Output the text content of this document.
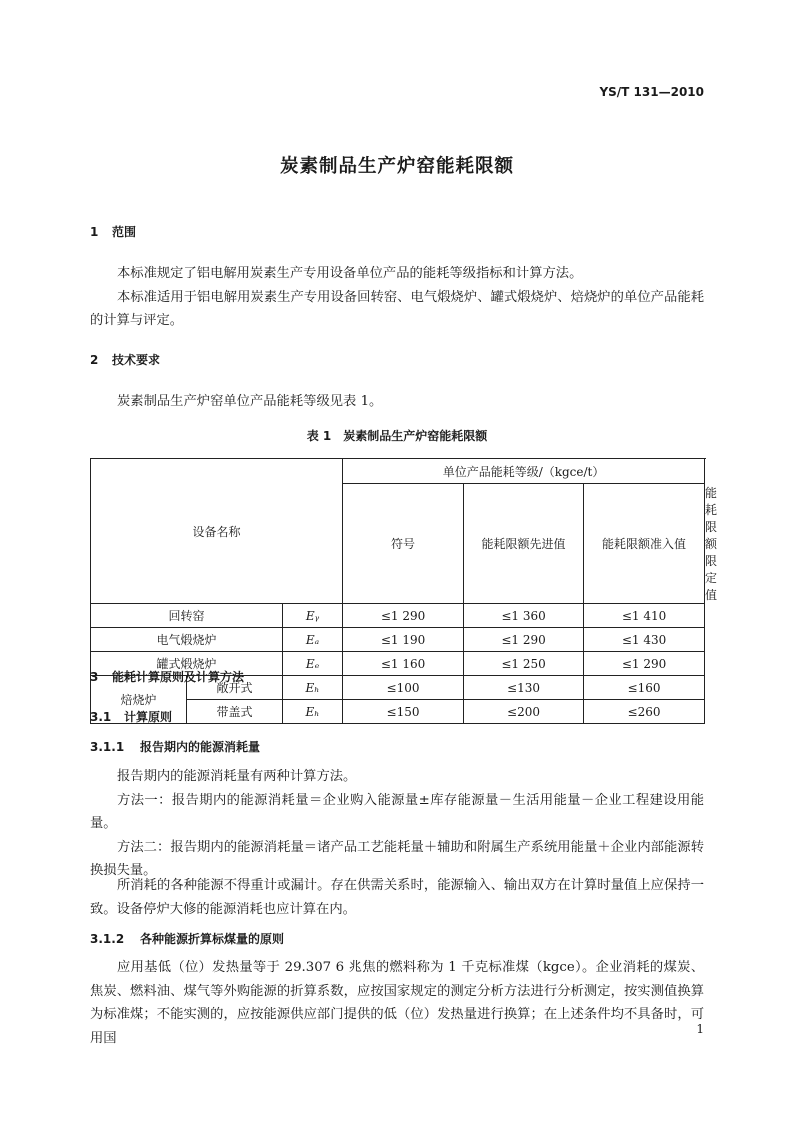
YS/T 131—2010
炭素制品生产炉窑能耗限额
1 范围
本标准规定了铝电解用炭素生产专用设备单位产品的能耗等级指标和计算方法。
本标准适用于铝电解用炭素生产专用设备回转窑、电气煅烧炉、罐式煅烧炉、焙烧炉的单位产品能耗的计算与评定。
2 技术要求
炭素制品生产炉窑单位产品能耗等级见表 1。
表 1　炭素制品生产炉窑能耗限额
设备名称			单位产品能耗等级/（kgce/t）			
			符号	能耗限额先进值	能耗限额准入值	能耗限额限定值
回转窑		Eᵧ	≤1 290	≤1 360	≤1 410	
电气煅烧炉		Eₐ	≤1 190	≤1 290	≤1 430	
罐式煅烧炉		Eₑ	≤1 160	≤1 250	≤1 290	
焙烧炉	敞开式	Eₕ	≤100	≤130	≤160	
	带盖式	Eₕ	≤150	≤200	≤260	
3 能耗计算原则及计算方法
3.1 计算原则
3.1.1 报告期内的能源消耗量
报告期内的能源消耗量有两种计算方法。
方法一：报告期内的能源消耗量＝企业购入能源量±库存能源量－生活用能量－企业工程建设用能量。
方法二：报告期内的能源消耗量＝诸产品工艺能耗量＋辅助和附属生产系统用能量＋企业内部能源转换损失量。
所消耗的各种能源不得重计或漏计。存在供需关系时，能源输入、输出双方在计算时量值上应保持一致。设备停炉大修的能源消耗也应计算在内。
3.1.2 各种能源折算标煤量的原则
应用基低（位）发热量等于 29.307 6 兆焦的燃料称为 1 千克标准煤（kgce）。企业消耗的煤炭、焦炭、燃料油、煤气等外购能源的折算系数，应按国家规定的测定分析方法进行分析测定，按实测值换算为标准煤；不能实测的，应按能源供应部门提供的低（位）发热量进行换算；在上述条件均不具备时，可用国
1
